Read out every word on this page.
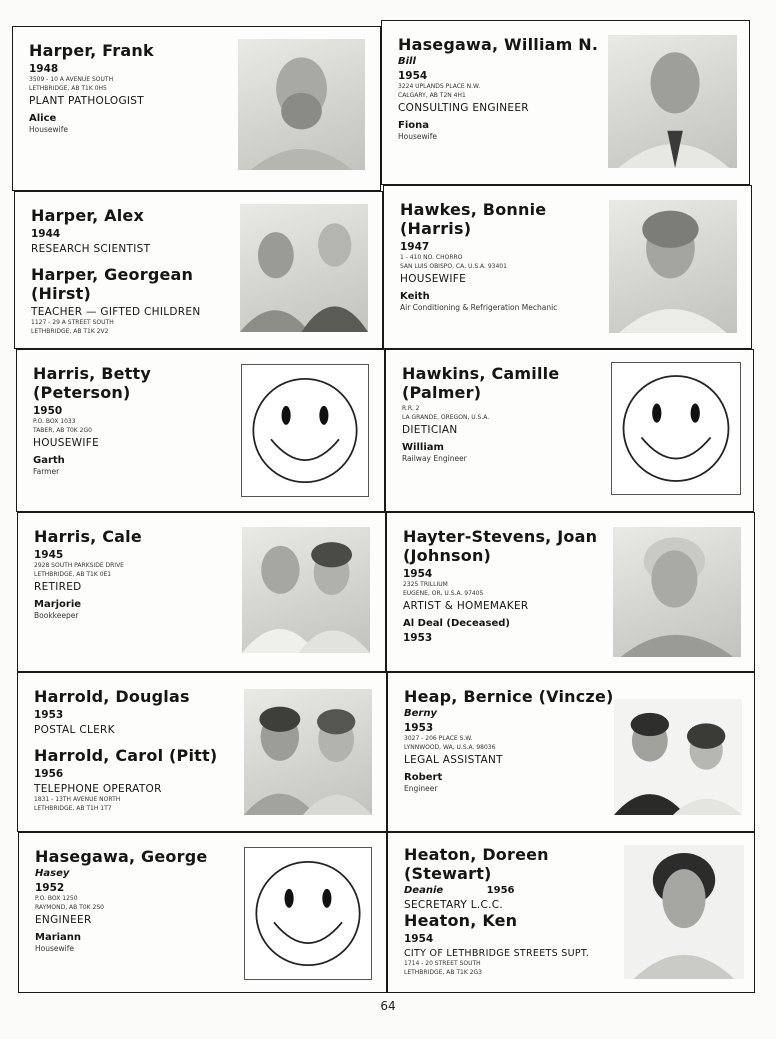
Harper, Frank
1948
3509 - 10 A AVENUE SOUTH
LETHBRIDGE, AB T1K 0H5
PLANT PATHOLOGIST
Alice
Housewife
Hasegawa, William N.
Bill
1954
3224 UPLANDS PLACE N.W.
CALGARY, AB T2N 4H1
CONSULTING ENGINEER
Fiona
Housewife
Harper, Alex
1944
RESEARCH SCIENTIST
Harper, Georgean
(Hirst)
TEACHER — GIFTED CHILDREN
1127 - 29 A STREET SOUTH
LETHBRIDGE, AB T1K 2V2
Hawkes, Bonnie
(Harris)
1947
1 - 410 NO. CHORRO
SAN LUIS OBISPO, CA, U.S.A. 93401
HOUSEWIFE
Keith
Air Conditioning & Refrigeration Mechanic
Harris, Betty
(Peterson)
1950
P.O. BOX 1033
TABER, AB T0K 2G0
HOUSEWIFE
Garth
Farmer
Hawkins, Camille
(Palmer)
R.R. 2
LA GRANDE, OREGON, U.S.A.
DIETICIAN
William
Railway Engineer
Harris, Cale
1945
2928 SOUTH PARKSIDE DRIVE
LETHBRIDGE, AB T1K 0E1
RETIRED
Marjorie
Bookkeeper
Hayter-Stevens, Joan
(Johnson)
1954
2325 TRILLIUM
EUGENE, OR, U.S.A. 97405
ARTIST & HOMEMAKER
Al Deal (Deceased)
1953
Harrold, Douglas
1953
POSTAL CLERK
Harrold, Carol (Pitt)
1956
TELEPHONE OPERATOR
1831 - 13TH AVENUE NORTH
LETHBRIDGE, AB T1H 1T7
Heap, Bernice (Vincze)
Berny
1953
3027 - 206 PLACE S.W.
LYNNWOOD, WA, U.S.A. 98036
LEGAL ASSISTANT
Robert
Engineer
Hasegawa, George
Hasey
1952
P.O. BOX 1250
RAYMOND, AB T0K 2S0
ENGINEER
Mariann
Housewife
Heaton, Doreen
(Stewart)
Deanie	1956
SECRETARY L.C.C.
Heaton, Ken
1954
CITY OF LETHBRIDGE STREETS SUPT.
1714 - 20 STREET SOUTH
LETHBRIDGE, AB T1K 2G3
64
